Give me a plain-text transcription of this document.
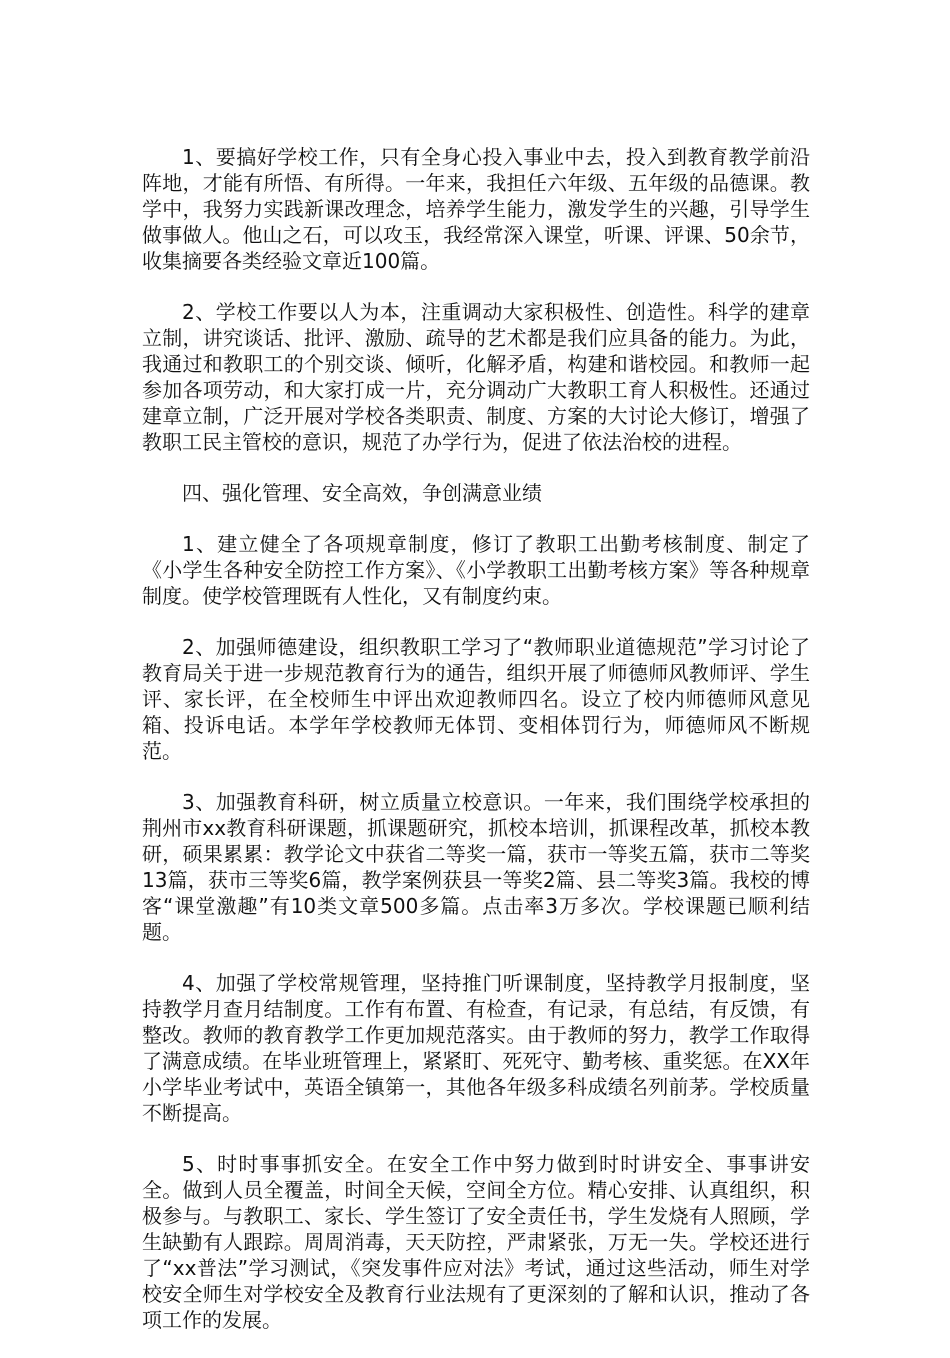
1、要搞好学校工作，只有全身心投入事业中去，投入到教育教学前沿阵地，才能有所悟、有所得。一年来，我担任六年级、五年级的品德课。教学中，我努力实践新课改理念，培养学生能力，激发学生的兴趣，引导学生做事做人。他山之石，可以攻玉，我经常深入课堂，听课、评课、50余节，收集摘要各类经验文章近100篇。

2、学校工作要以人为本，注重调动大家积极性、创造性。科学的建章立制，讲究谈话、批评、激励、疏导的艺术都是我们应具备的能力。为此，我通过和教职工的个别交谈、倾听，化解矛盾，构建和谐校园。和教师一起参加各项劳动，和大家打成一片，充分调动广大教职工育人积极性。还通过建章立制，广泛开展对学校各类职责、制度、方案的大讨论大修订，增强了教职工民主管校的意识，规范了办学行为，促进了依法治校的进程。

四、强化管理、安全高效，争创满意业绩

1、建立健全了各项规章制度，修订了教职工出勤考核制度、制定了《小学生各种安全防控工作方案》、《小学教职工出勤考核方案》等各种规章制度。使学校管理既有人性化，又有制度约束。

2、加强师德建设，组织教职工学习了“教师职业道德规范”学习讨论了教育局关于进一步规范教育行为的通告，组织开展了师德师风教师评、学生评、家长评，在全校师生中评出欢迎教师四名。设立了校内师德师风意见箱、投诉电话。本学年学校教师无体罚、变相体罚行为，师德师风不断规范。

3、加强教育科研，树立质量立校意识。一年来，我们围绕学校承担的荆州市xx教育科研课题，抓课题研究，抓校本培训，抓课程改革，抓校本教研，硕果累累：教学论文中获省二等奖一篇，获市一等奖五篇，获市二等奖13篇，获市三等奖6篇，教学案例获县一等奖2篇、县二等奖3篇。我校的博客“课堂激趣”有10类文章500多篇。点击率3万多次。学校课题已顺利结题。

4、加强了学校常规管理，坚持推门听课制度，坚持教学月报制度，坚持教学月查月结制度。工作有布置、有检查，有记录，有总结，有反馈，有整改。教师的教育教学工作更加规范落实。由于教师的努力，教学工作取得了满意成绩。在毕业班管理上，紧紧盯、死死守、勤考核、重奖惩。在XX年小学毕业考试中，英语全镇第一，其他各年级多科成绩名列前茅。学校质量不断提高。

5、时时事事抓安全。在安全工作中努力做到时时讲安全、事事讲安全。做到人员全覆盖，时间全天候，空间全方位。精心安排、认真组织，积极参与。与教职工、家长、学生签订了安全责任书，学生发烧有人照顾，学生缺勤有人跟踪。周周消毒，天天防控，严肃紧张，万无一失。学校还进行了“xx普法”学习测试，《突发事件应对法》考试，通过这些活动，师生对学校安全师生对学校安全及教育行业法规有了更深刻的了解和认识，推动了各项工作的发展。
